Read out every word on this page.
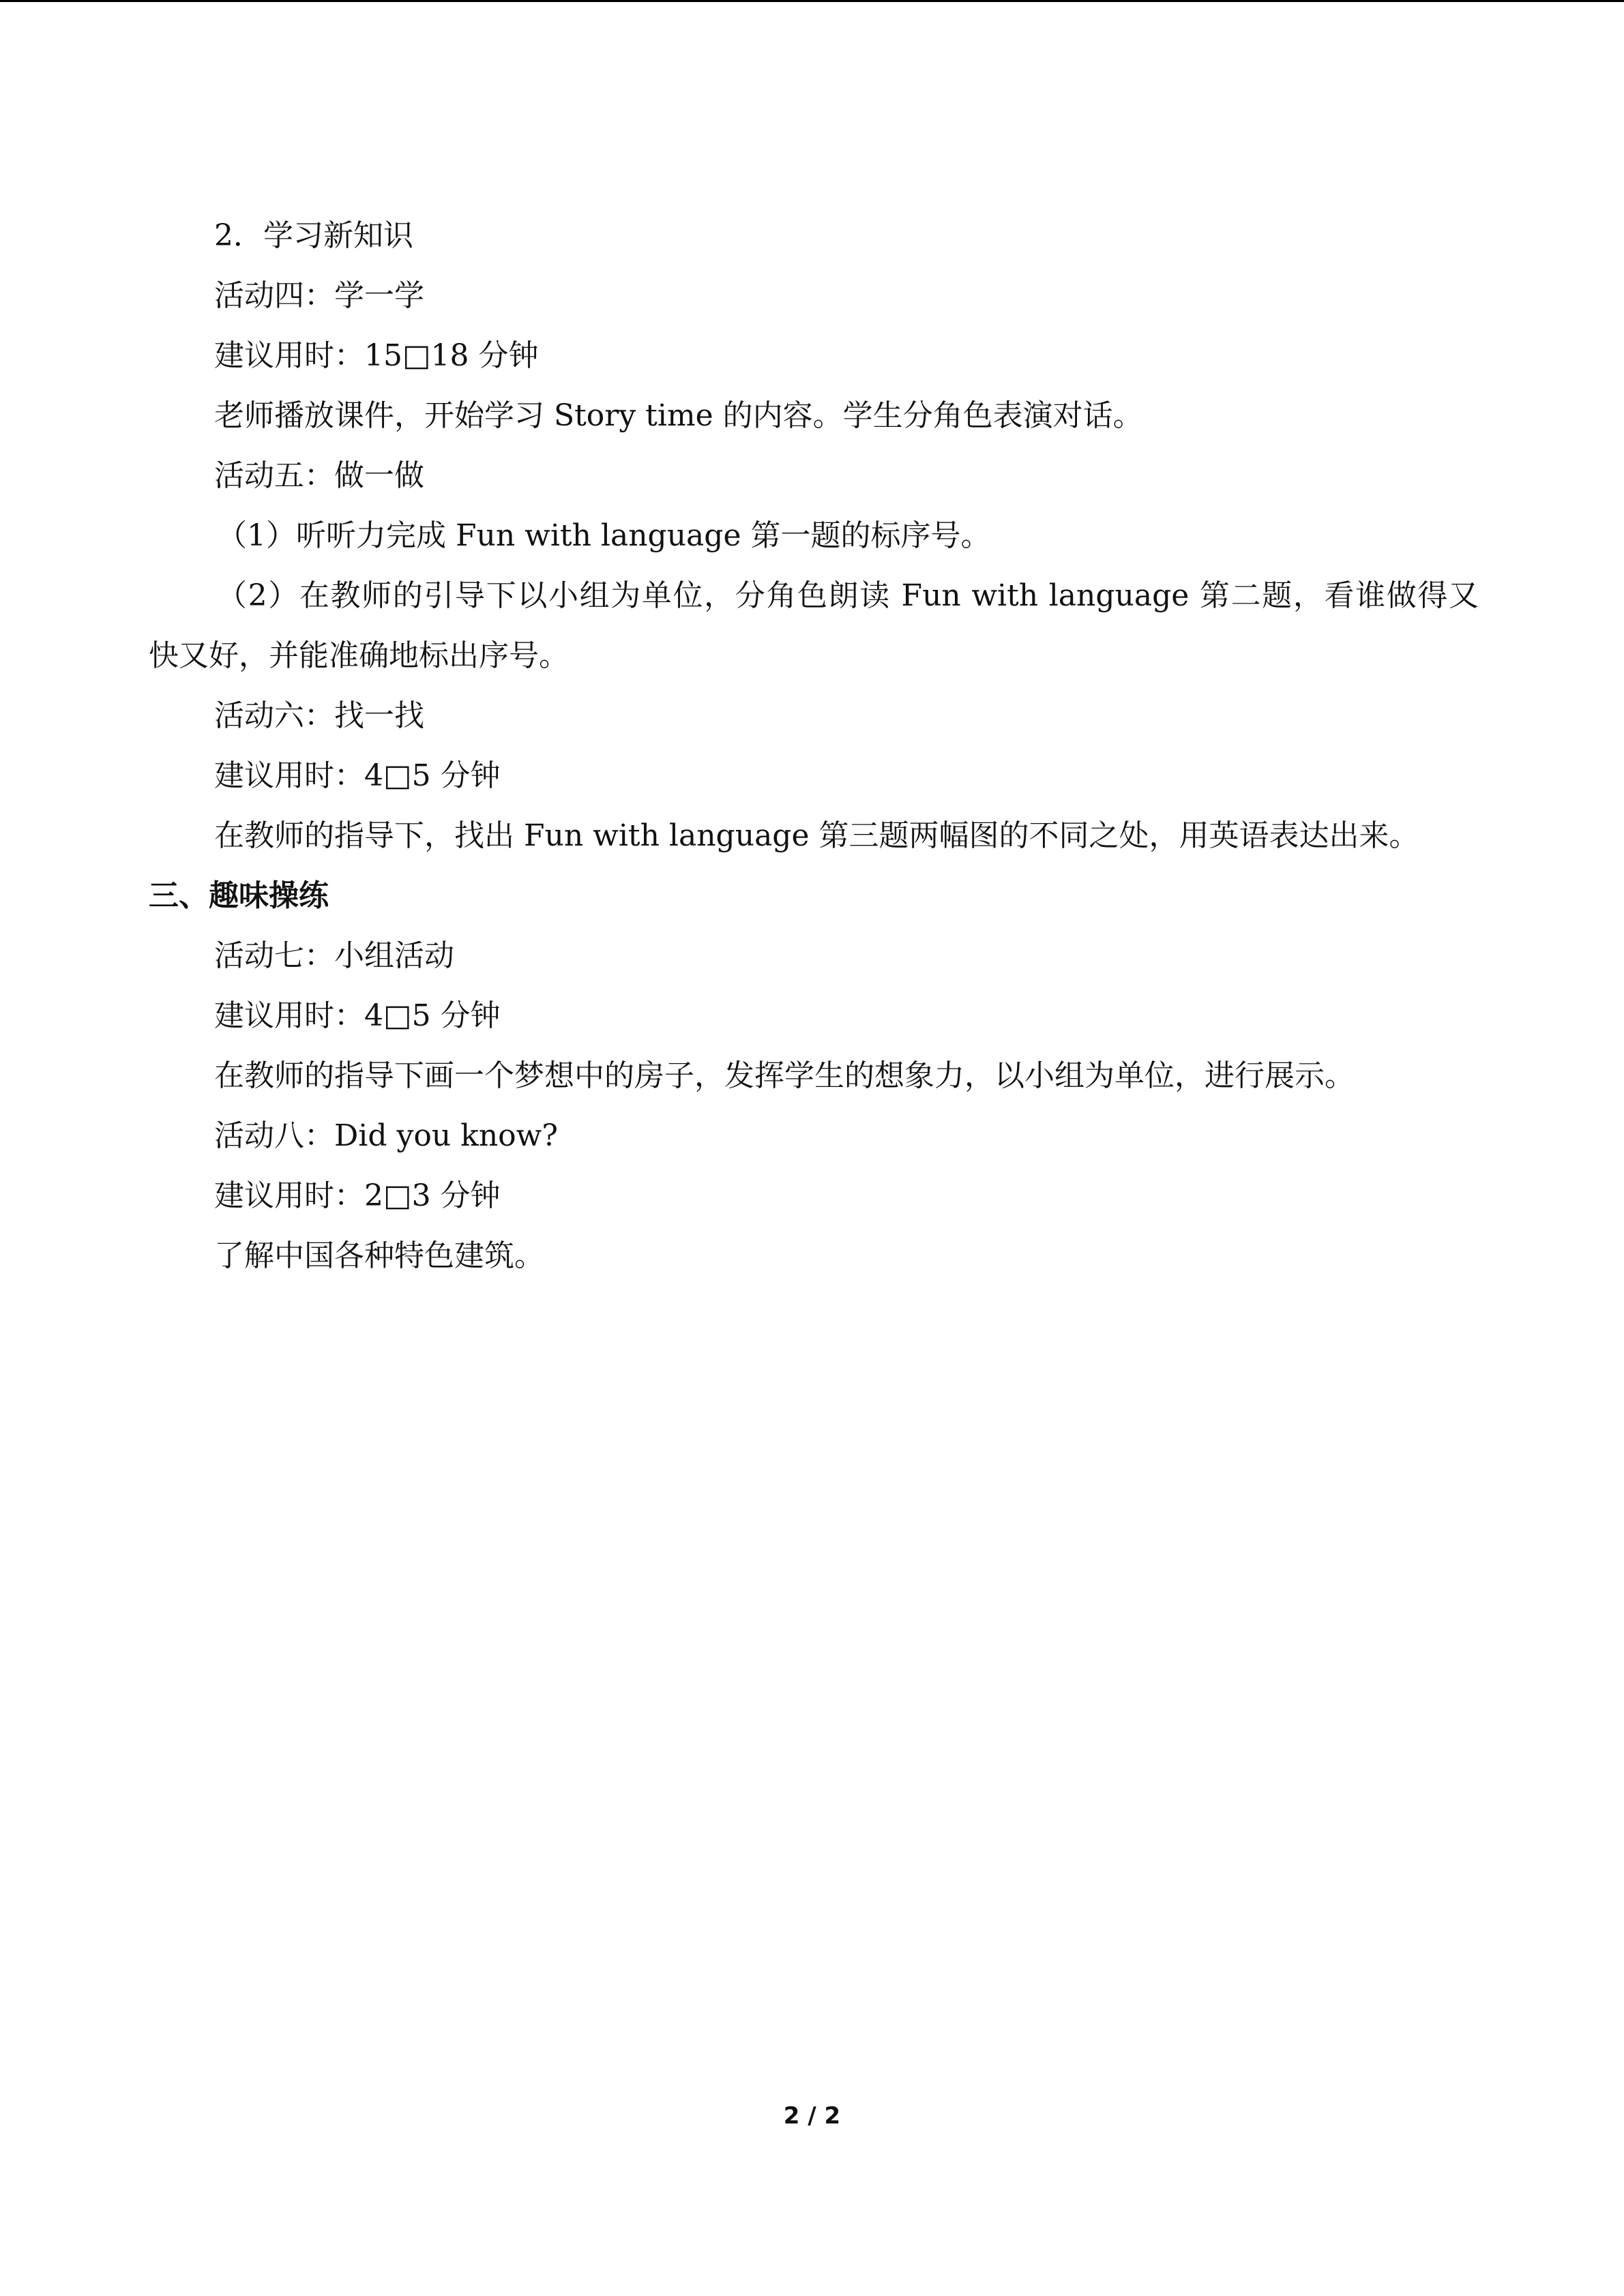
2．学习新知识
活动四：学一学
建议用时：15□18 分钟
老师播放课件，开始学习 Story time 的内容。学生分角色表演对话。
活动五：做一做
（1）听听力完成 Fun with language 第一题的标序号。
（2）在教师的引导下以小组为单位，分角色朗读 Fun with language 第二题，看谁做得又
快又好，并能准确地标出序号。
活动六：找一找
建议用时：4□5 分钟
在教师的指导下，找出 Fun with language 第三题两幅图的不同之处，用英语表达出来。
三、趣味操练
活动七：小组活动
建议用时：4□5 分钟
在教师的指导下画一个梦想中的房子，发挥学生的想象力，以小组为单位，进行展示。
活动八：Did you know?
建议用时：2□3 分钟
了解中国各种特色建筑。
2 / 2
